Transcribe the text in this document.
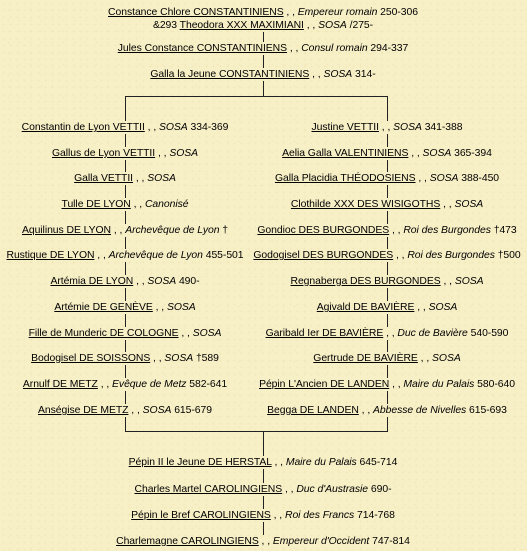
Constance Chlore CONSTANTINIENS , , Empereur romain 250-306
&293 Theodora XXX MAXIMIANI , , SOSA /275-
Jules Constance CONSTANTINIENS , , Consul romain 294-337
Galla la Jeune CONSTANTINIENS , , SOSA 314-
Constantin de Lyon VETTII , , SOSA 334-369
Gallus de Lyon VETTII , , SOSA
Galla VETTII , , SOSA
Tulle DE LYON , , Canonisé
Aquilinus DE LYON , , Archevêque de Lyon †
Rustique DE LYON , , Archevêque de Lyon 455-501
Artémia DE LYON , , SOSA 490-
Artémie DE GENÈVE , , SOSA
Fille de Munderic DE COLOGNE , , SOSA
Bodogisel DE SOISSONS , , SOSA †589
Arnulf DE METZ , , Evêque de Metz 582-641
Anségise DE METZ , , SOSA 615-679
Justine VETTII , , SOSA 341-388
Aelia Galla VALENTINIENS , , SOSA 365-394
Galla Placidia THÉODOSIENS , , SOSA 388-450
Clothilde XXX DES WISIGOTHS , , SOSA
Gondioc DES BURGONDES , , Roi des Burgondes †473
Godogisel DES BURGONDES , , Roi des Burgondes †500
Regnaberga DES BURGONDES , , SOSA
Agivald DE BAVIÈRE , , SOSA
Garibald Ier DE BAVIÈRE , , Duc de Bavière 540-590
Gertrude DE BAVIÈRE , , SOSA
Pépin L'Ancien DE LANDEN , , Maire du Palais 580-640
Begga DE LANDEN , , Abbesse de Nivelles 615-693
Pépin II le Jeune DE HERSTAL , , Maire du Palais 645-714
Charles Martel CAROLINGIENS , , Duc d'Austrasie 690-
Pépin le Bref CAROLINGIENS , , Roi des Francs 714-768
Charlemagne CAROLINGIENS , , Empereur d'Occident 747-814
